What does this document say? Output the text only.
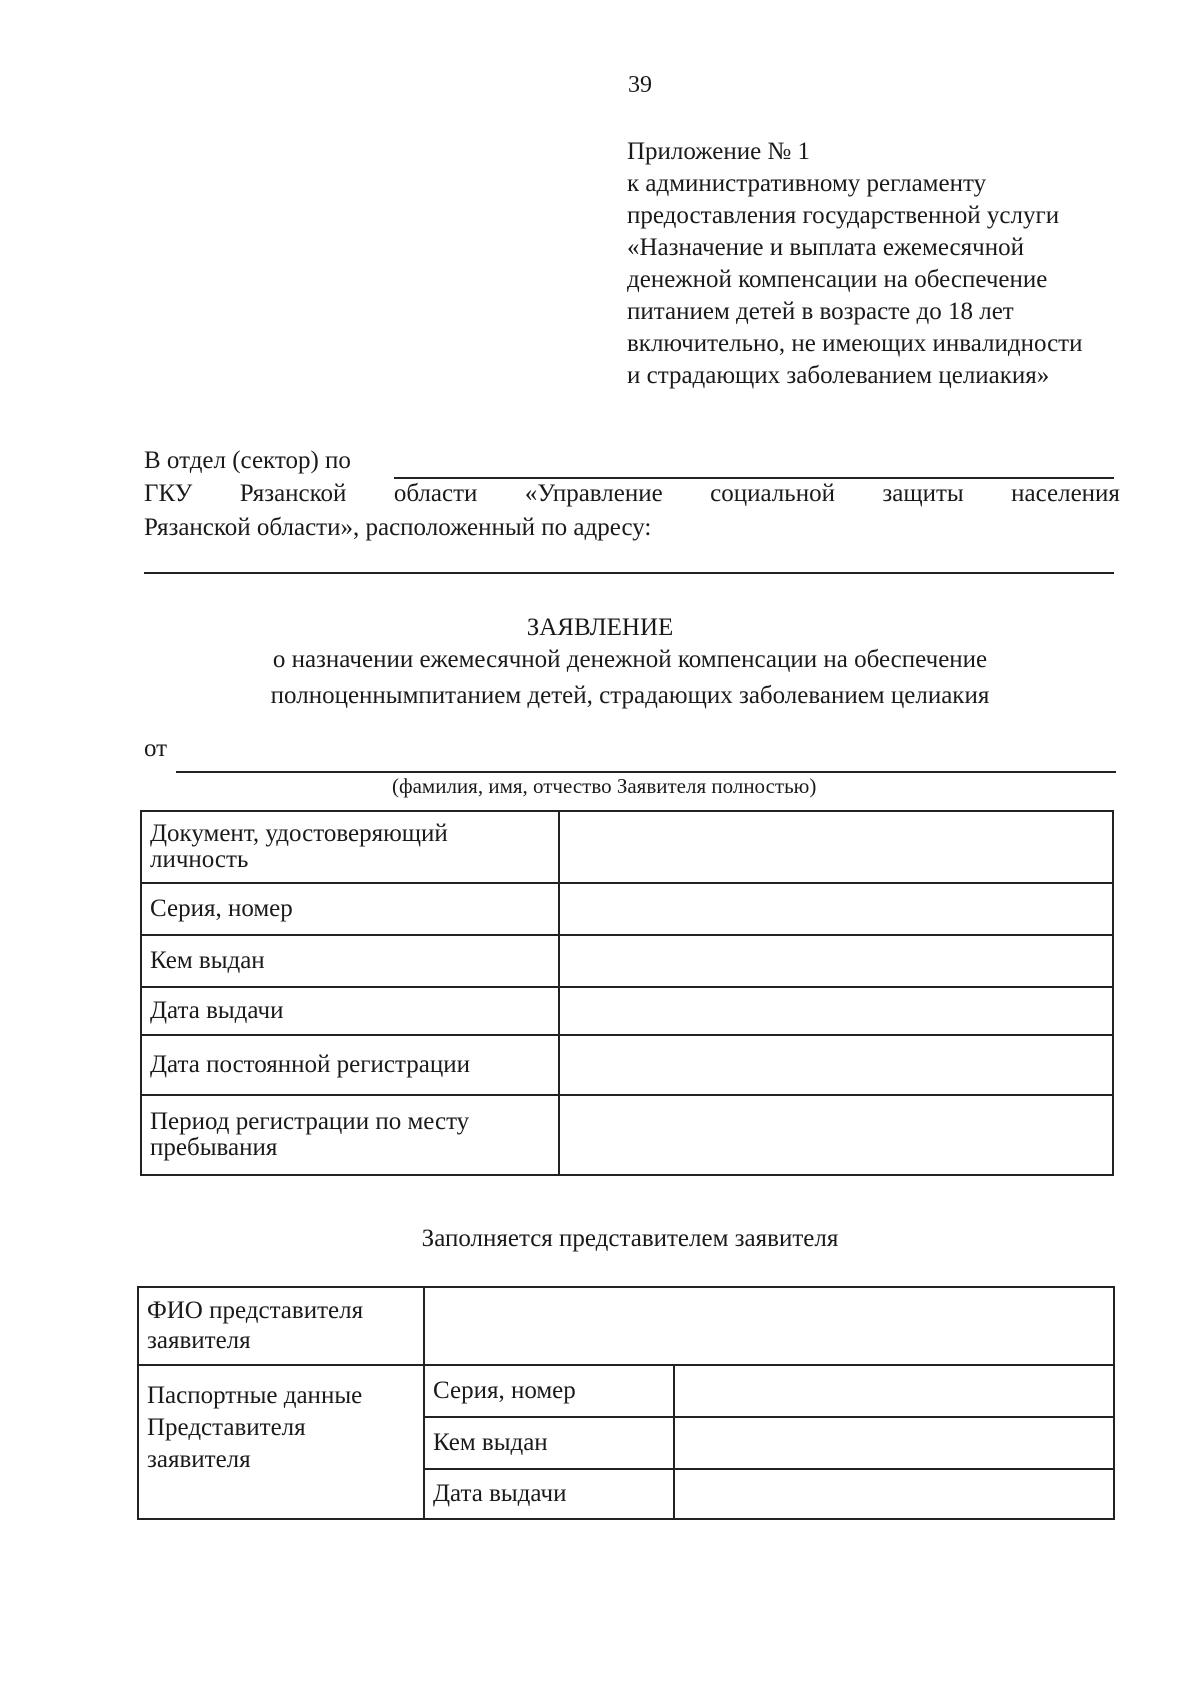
39
Приложение № 1
к административному регламенту
предоставления государственной услуги
«Назначение и выплата ежемесячной
денежной компенсации на обеспечение
питанием детей в возрасте до 18 лет
включительно, не имеющих инвалидности
и страдающих заболеванием целиакия»
В отдел (сектор) по
ГКУ Рязанской области «Управление социальной защиты населения
Рязанской области», расположенный по адресу:
ЗАЯВЛЕНИЕ
о назначении ежемесячной денежной компенсации на обеспечение
полноценнымпитанием детей, страдающих заболеванием целиакия
от
(фамилия, имя, отчество Заявителя полностью)
Документ, удостоверяющий личность	
Серия, номер	
Кем выдан	
Дата выдачи	
Дата постоянной регистрации	
Период регистрации по месту пребывания	
Заполняется представителем заявителя
ФИО представителя заявителя		
Паспортные данные Представителя заявителя	Серия, номер	
	Кем выдан	
	Дата выдачи	
